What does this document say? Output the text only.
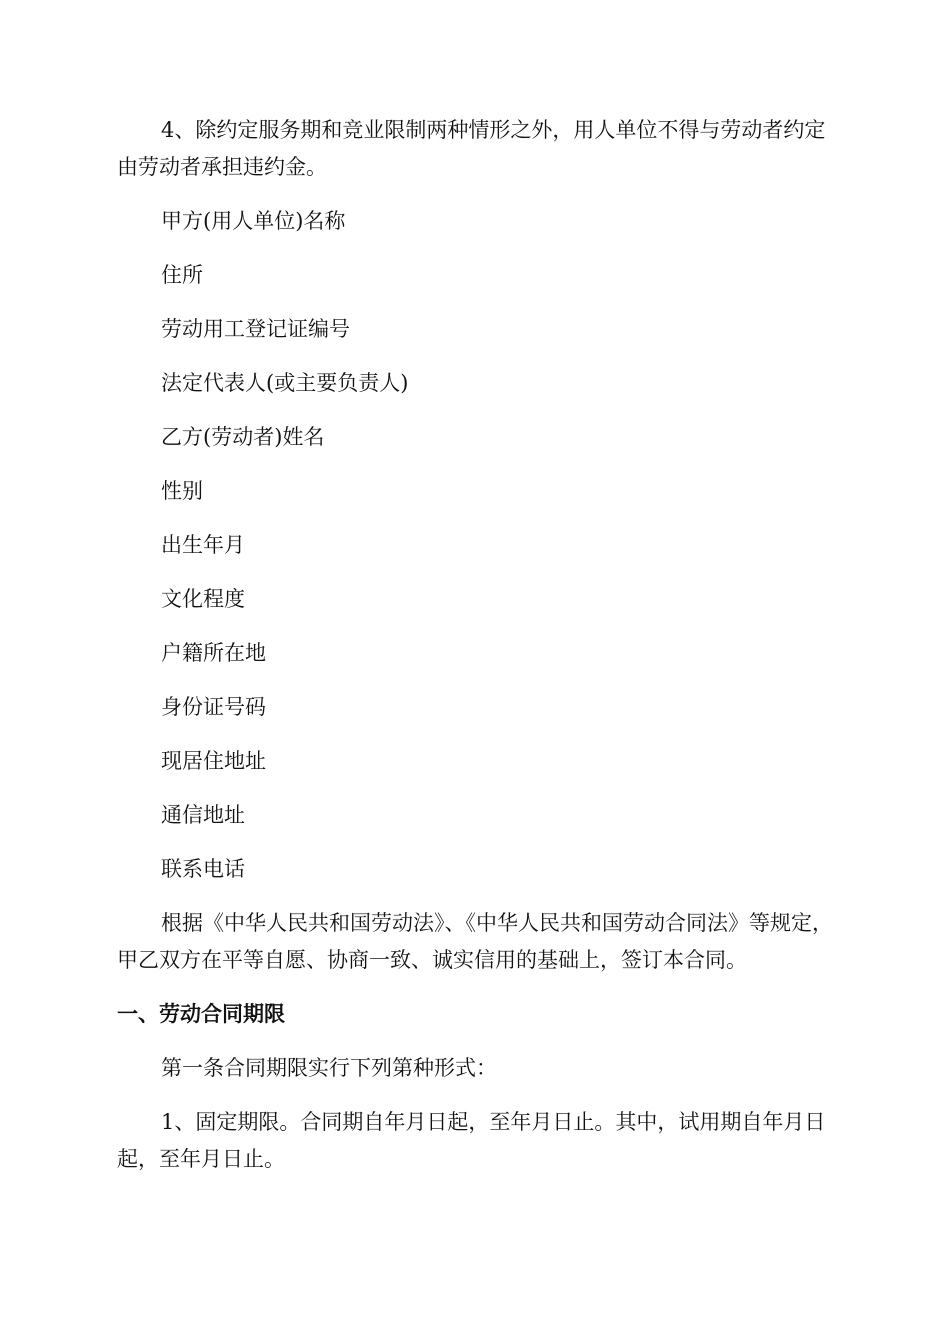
4、除约定服务期和竞业限制两种情形之外，用人单位不得与劳动者约定由劳动者承担违约金。

甲方(用人单位)名称

住所

劳动用工登记证编号

法定代表人(或主要负责人)

乙方(劳动者)姓名

性别

出生年月

文化程度

户籍所在地

身份证号码

现居住地址

通信地址

联系电话

根据《中华人民共和国劳动法》、《中华人民共和国劳动合同法》等规定，甲乙双方在平等自愿、协商一致、诚实信用的基础上，签订本合同。

一、劳动合同期限

第一条合同期限实行下列第种形式：

1、固定期限。合同期自年月日起，至年月日止。其中，试用期自年月日起，至年月日止。
